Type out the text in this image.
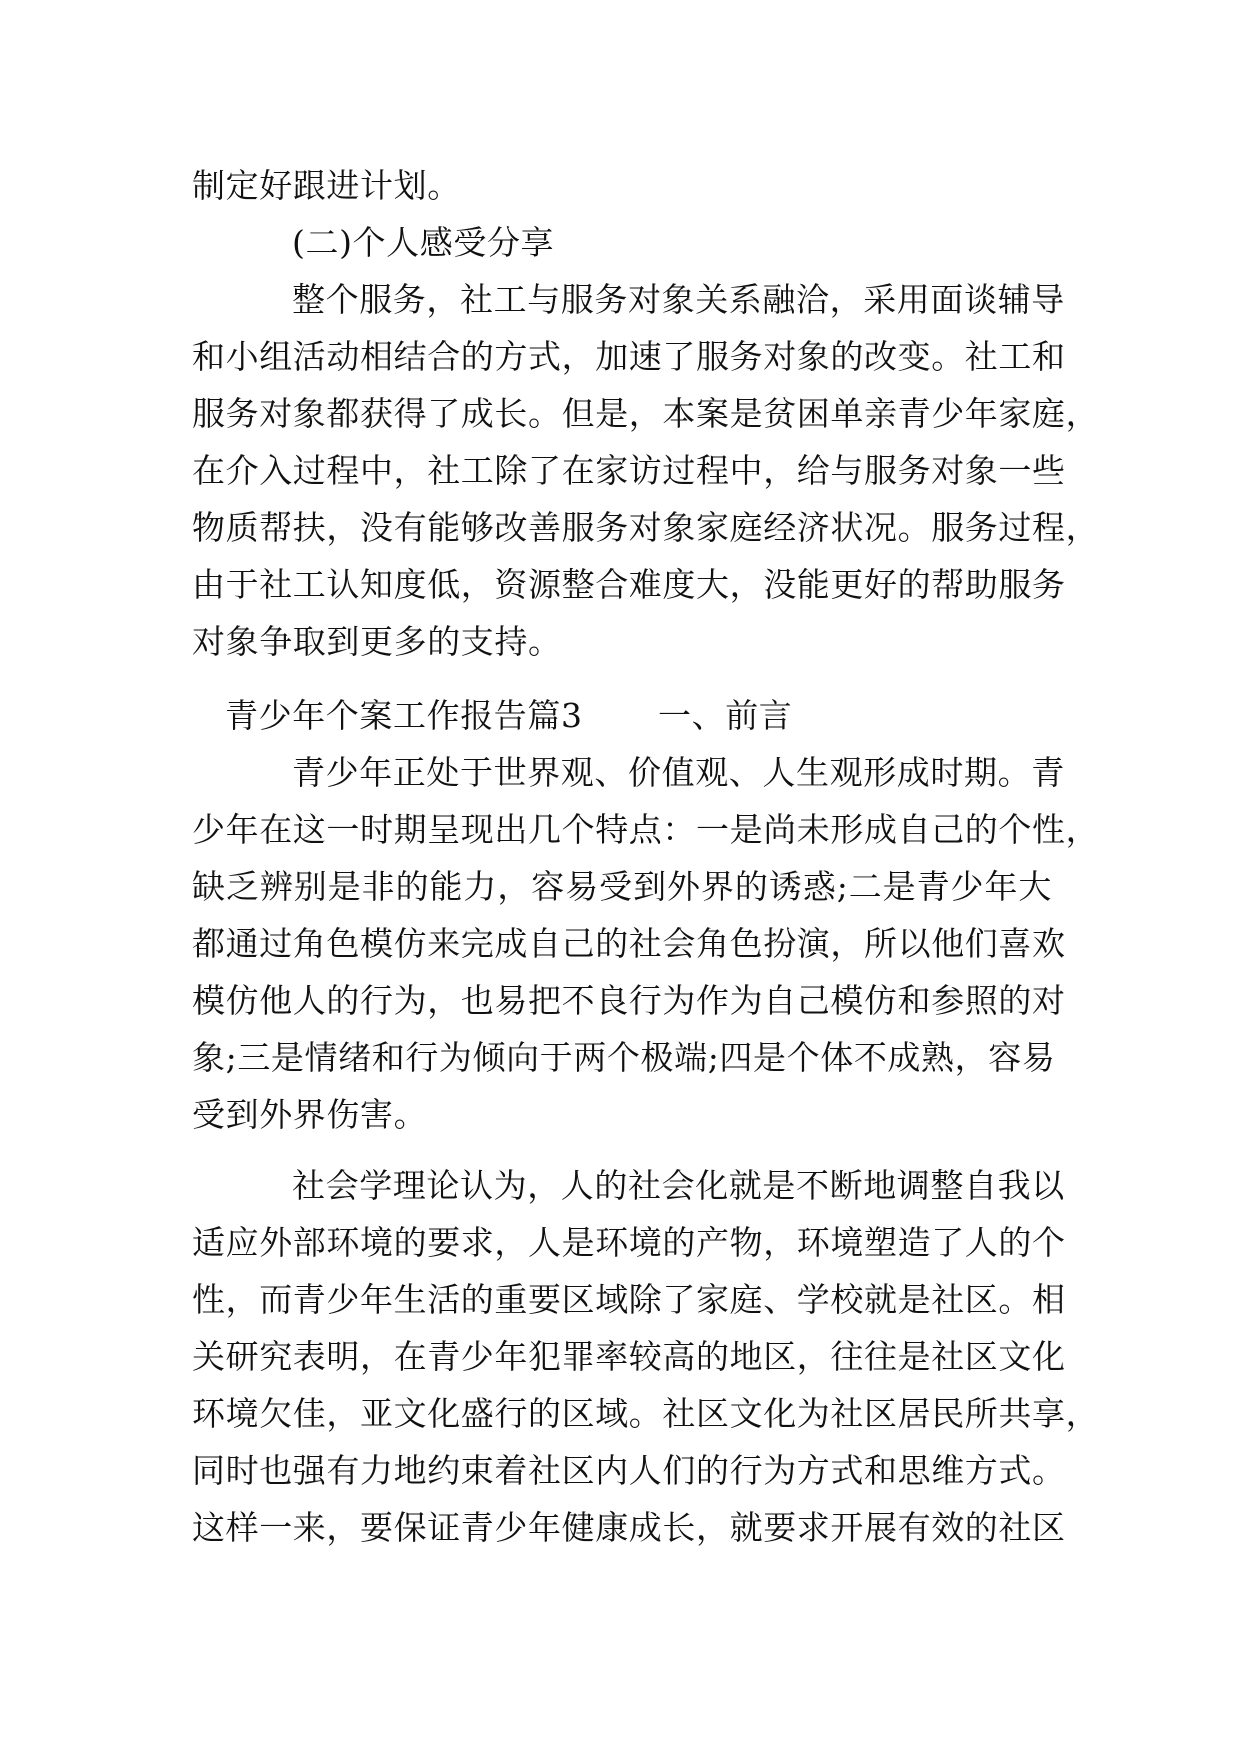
制定好跟进计划。
(二)个人感受分享
整个服务，社工与服务对象关系融洽，采用面谈辅导
和小组活动相结合的方式，加速了服务对象的改变。社工和
服务对象都获得了成长。但是，本案是贫困单亲青少年家庭，
在介入过程中，社工除了在家访过程中，给与服务对象一些
物质帮扶，没有能够改善服务对象家庭经济状况。服务过程，
由于社工认知度低，资源整合难度大，没能更好的帮助服务
对象争取到更多的支持。
青少年个案工作报告篇3 一、前言
青少年正处于世界观、价值观、人生观形成时期。青
少年在这一时期呈现出几个特点：一是尚未形成自己的个性，
缺乏辨别是非的能力，容易受到外界的诱惑;二是青少年大
都通过角色模仿来完成自己的社会角色扮演，所以他们喜欢
模仿他人的行为，也易把不良行为作为自己模仿和参照的对
象;三是情绪和行为倾向于两个极端;四是个体不成熟，容易
受到外界伤害。
社会学理论认为，人的社会化就是不断地调整自我以
适应外部环境的要求，人是环境的产物，环境塑造了人的个
性，而青少年生活的重要区域除了家庭、学校就是社区。相
关研究表明，在青少年犯罪率较高的地区，往往是社区文化
环境欠佳，亚文化盛行的区域。社区文化为社区居民所共享，
同时也强有力地约束着社区内人们的行为方式和思维方式。
这样一来，要保证青少年健康成长，就要求开展有效的社区
